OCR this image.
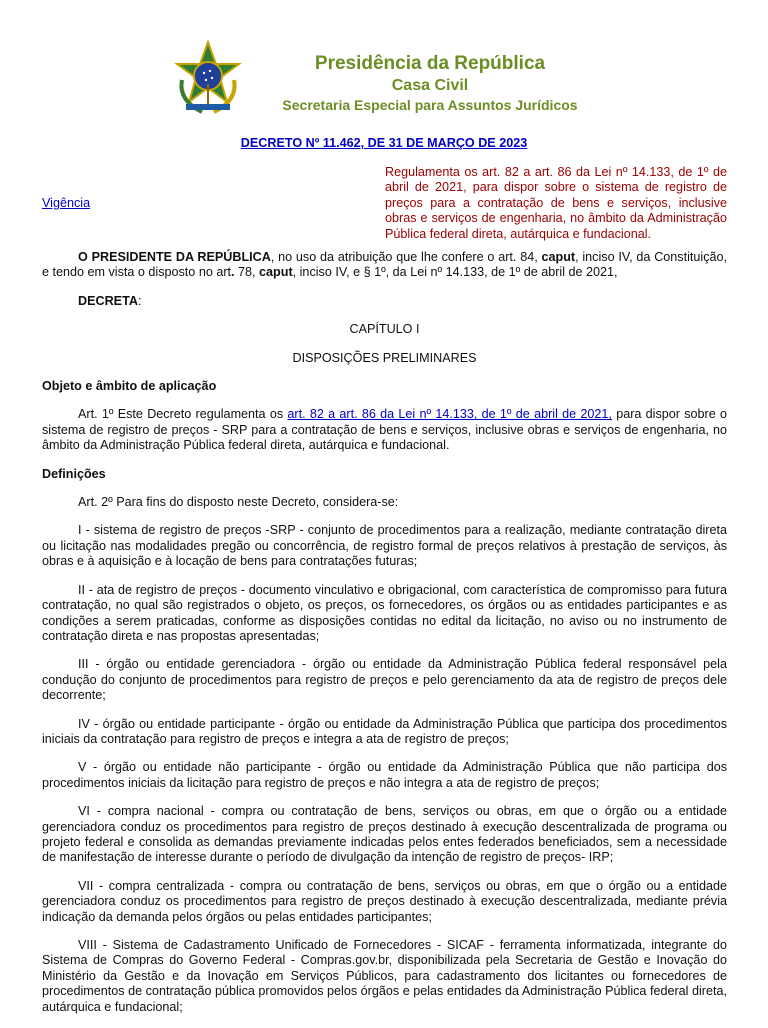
Presidência da República
Casa Civil
Secretaria Especial para Assuntos Jurídicos
DECRETO Nº 11.462, DE 31 DE MARÇO DE 2023
Vigência
Regulamenta os art. 82 a art. 86 da Lei nº 14.133, de 1º de abril de 2021, para dispor sobre o sistema de registro de preços para a contratação de bens e serviços, inclusive obras e serviços de engenharia, no âmbito da Administração Pública federal direta, autárquica e fundacional.

O PRESIDENTE DA REPÚBLICA, no uso da atribuição que lhe confere o art. 84, caput, inciso IV, da Constituição, e tendo em vista o disposto no art. 78, caput, inciso IV, e § 1º, da Lei nº 14.133, de 1º de abril de 2021,

DECRETA:

CAPÍTULO I

DISPOSIÇÕES PRELIMINARES

Objeto e âmbito de aplicação

Art. 1º Este Decreto regulamenta os art. 82 a art. 86 da Lei nº 14.133, de 1º de abril de 2021, para dispor sobre o sistema de registro de preços - SRP para a contratação de bens e serviços, inclusive obras e serviços de engenharia, no âmbito da Administração Pública federal direta, autárquica e fundacional.

Definições

Art. 2º Para fins do disposto neste Decreto, considera-se:

I - sistema de registro de preços -SRP - conjunto de procedimentos para a realização, mediante contratação direta ou licitação nas modalidades pregão ou concorrência, de registro formal de preços relativos à prestação de serviços, às obras e à aquisição e à locação de bens para contratações futuras;

II - ata de registro de preços - documento vinculativo e obrigacional, com característica de compromisso para futura contratação, no qual são registrados o objeto, os preços, os fornecedores, os órgãos ou as entidades participantes e as condições a serem praticadas, conforme as disposições contidas no edital da licitação, no aviso ou no instrumento de contratação direta e nas propostas apresentadas;

III - órgão ou entidade gerenciadora - órgão ou entidade da Administração Pública federal responsável pela condução do conjunto de procedimentos para registro de preços e pelo gerenciamento da ata de registro de preços dele decorrente;

IV - órgão ou entidade participante - órgão ou entidade da Administração Pública que participa dos procedimentos iniciais da contratação para registro de preços e integra a ata de registro de preços;

V - órgão ou entidade não participante - órgão ou entidade da Administração Pública que não participa dos procedimentos iniciais da licitação para registro de preços e não integra a ata de registro de preços;

VI - compra nacional - compra ou contratação de bens, serviços ou obras, em que o órgão ou a entidade gerenciadora conduz os procedimentos para registro de preços destinado à execução descentralizada de programa ou projeto federal e consolida as demandas previamente indicadas pelos entes federados beneficiados, sem a necessidade de manifestação de interesse durante o período de divulgação da intenção de registro de preços- IRP;

VII - compra centralizada - compra ou contratação de bens, serviços ou obras, em que o órgão ou a entidade gerenciadora conduz os procedimentos para registro de preços destinado à execução descentralizada, mediante prévia indicação da demanda pelos órgãos ou pelas entidades participantes;

VIII - Sistema de Cadastramento Unificado de Fornecedores - SICAF - ferramenta informatizada, integrante do Sistema de Compras do Governo Federal - Compras.gov.br, disponibilizada pela Secretaria de Gestão e Inovação do Ministério da Gestão e da Inovação em Serviços Públicos, para cadastramento dos licitantes ou fornecedores de procedimentos de contratação pública promovidos pelos órgãos e pelas entidades da Administração Pública federal direta, autárquica e fundacional;
